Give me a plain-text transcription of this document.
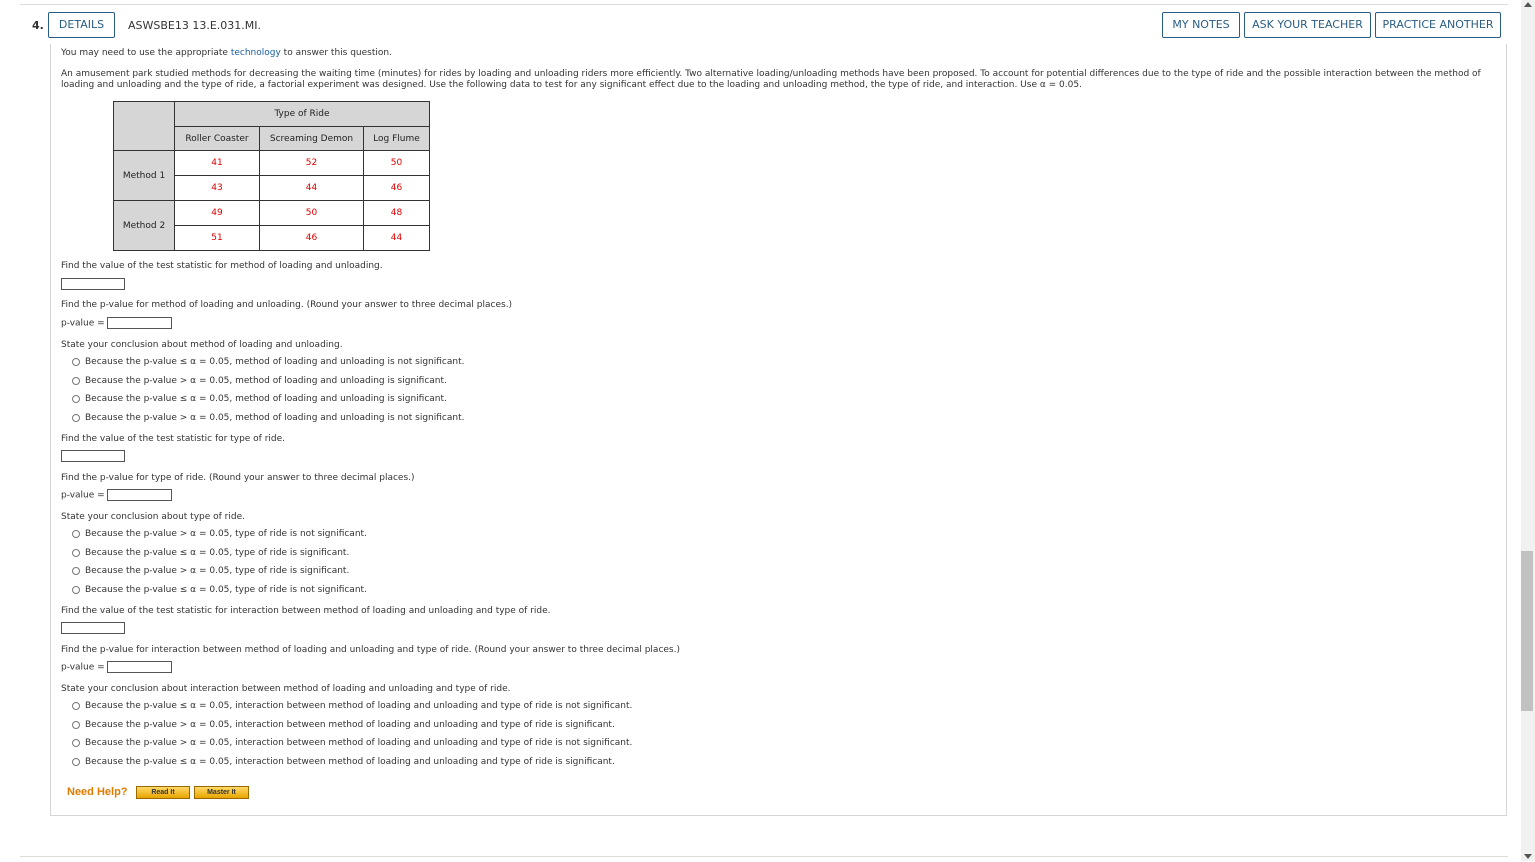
4.	DETAILS	ASWSBE13 13.E.031.MI.	MY NOTES	ASK YOUR TEACHER	PRACTICE ANOTHER
You may need to use the appropriate technology to answer this question.
An amusement park studied methods for decreasing the waiting time (minutes) for rides by loading and unloading riders more efficiently. Two alternative loading/unloading methods have been proposed. To account for potential differences due to the type of ride and the possible interaction between the method of loading and unloading and the type of ride, a factorial experiment was designed. Use the following data to test for any significant effect due to the loading and unloading method, the type of ride, and interaction. Use α = 0.05.
	Type of Ride		
	Roller Coaster	Screaming Demon	Log Flume
Method 1	41	52	50
	43	44	46
Method 2	49	50	48
	51	46	44
Find the value of the test statistic for method of loading and unloading.
Find the p-value for method of loading and unloading. (Round your answer to three decimal places.)
p-value =
State your conclusion about method of loading and unloading.
Because the p-value ≤ α = 0.05, method of loading and unloading is not significant.
Because the p-value > α = 0.05, method of loading and unloading is significant.
Because the p-value ≤ α = 0.05, method of loading and unloading is significant.
Because the p-value > α = 0.05, method of loading and unloading is not significant.
Find the value of the test statistic for type of ride.
Find the p-value for type of ride. (Round your answer to three decimal places.)
p-value =
State your conclusion about type of ride.
Because the p-value > α = 0.05, type of ride is not significant.
Because the p-value ≤ α = 0.05, type of ride is significant.
Because the p-value > α = 0.05, type of ride is significant.
Because the p-value ≤ α = 0.05, type of ride is not significant.
Find the value of the test statistic for interaction between method of loading and unloading and type of ride.
Find the p-value for interaction between method of loading and unloading and type of ride. (Round your answer to three decimal places.)
p-value =
State your conclusion about interaction between method of loading and unloading and type of ride.
Because the p-value ≤ α = 0.05, interaction between method of loading and unloading and type of ride is not significant.
Because the p-value > α = 0.05, interaction between method of loading and unloading and type of ride is significant.
Because the p-value > α = 0.05, interaction between method of loading and unloading and type of ride is not significant.
Because the p-value ≤ α = 0.05, interaction between method of loading and unloading and type of ride is significant.
Need Help?	Read It	Master It
